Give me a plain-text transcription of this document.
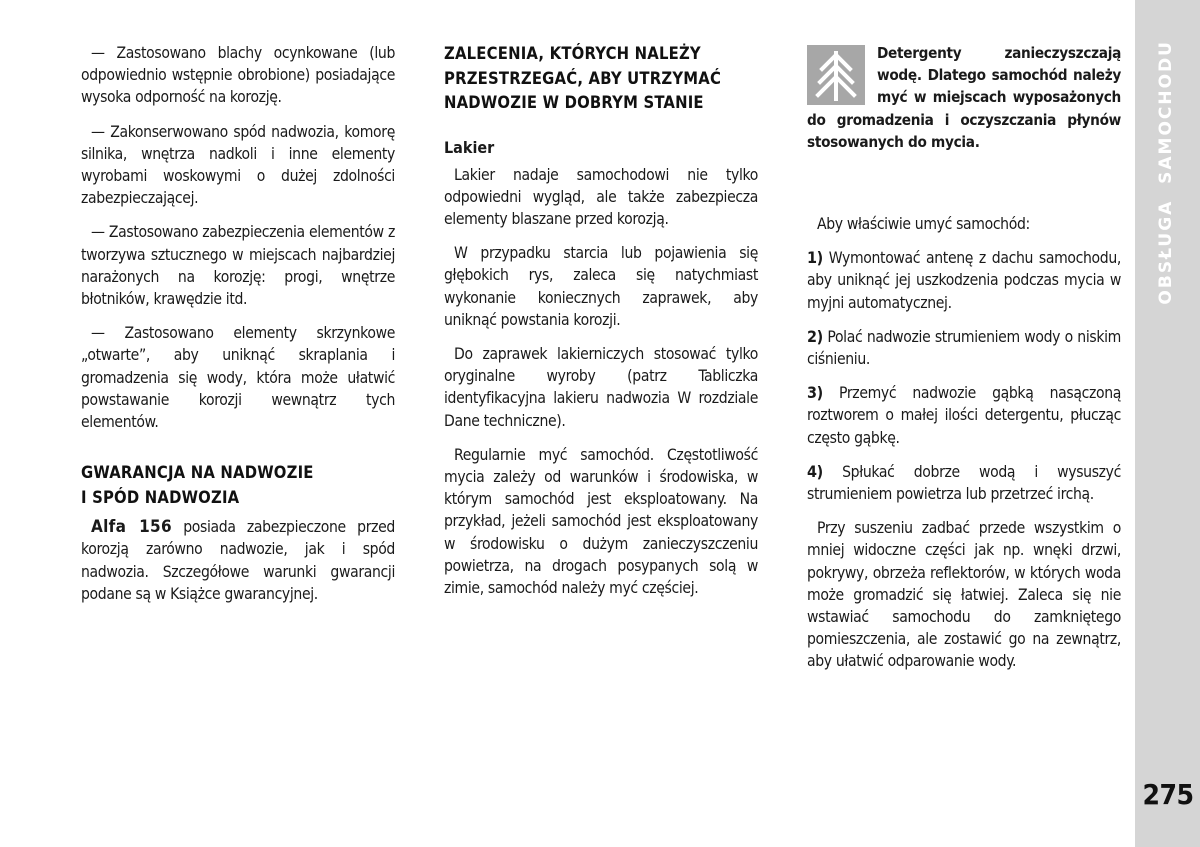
— Zastosowano blachy ocynkowane (lub odpowiednio wstępnie obrobione) posiadające wysoka odporność na korozję.

— Zakonserwowano spód nadwozia, komorę silnika, wnętrza nadkoli i inne elementy wyrobami woskowymi o dużej zdolności zabezpieczającej.

— Zastosowano zabezpieczenia elementów z tworzywa sztucznego w miejscach najbardziej narażonych na korozję: progi, wnętrze błotników, krawędzie itd.

— Zastosowano elementy skrzynkowe „otwarte”, aby uniknąć skraplania i gromadzenia się wody, która może ułatwić powstawanie korozji wewnątrz tych elementów.

GWARANCJA NA NADWOZIE
I SPÓD NADWOZIA

Alfa 156 posiada zabezpieczone przed korozją zarówno nadwozie, jak i spód nadwozia. Szczegółowe warunki gwarancji podane są w Książce gwarancyjnej.

ZALECENIA, KTÓRYCH NALEŻY
PRZESTRZEGAĆ, ABY UTRZYMAĆ
NADWOZIE W DOBRYM STANIE
Lakier

Lakier nadaje samochodowi nie tylko odpowiedni wygląd, ale także zabezpiecza elementy blaszane przed korozją.

W przypadku starcia lub pojawienia się głębokich rys, zaleca się natychmiast wykonanie koniecznych zaprawek, aby uniknąć powstania korozji.

Do zaprawek lakierniczych stosować tylko oryginalne wyroby (patrz Tabliczka identyfikacyjna lakieru nadwozia W rozdziale Dane techniczne).

Regularnie myć samochód. Częstotliwość mycia zależy od warunków i środowiska, w którym samochód jest eksploatowany. Na przykład, jeżeli samochód jest eksploatowany w środowisku o dużym zanieczyszczeniu powietrza, na drogach posypanych solą w zimie, samochód należy myć częściej.

Detergenty zanieczyszczają wodę. Dlatego samochód należy myć w miejscach wyposażonych do gromadzenia i oczyszczania płynów stosowanych do mycia.

Aby właściwie umyć samochód:

1) Wymontować antenę z dachu samochodu, aby uniknąć jej uszkodzenia podczas mycia w myjni automatycznej.

2) Polać nadwozie strumieniem wody o niskim ciśnieniu.

3) Przemyć nadwozie gąbką nasączoną roztworem o małej ilości detergentu, płucząc często gąbkę.

4) Spłukać dobrze wodą i wysuszyć strumieniem powietrza lub przetrzeć irchą.

Przy suszeniu zadbać przede wszystkim o mniej widoczne części jak np. wnęki drzwi, pokrywy, obrzeża reflektorów, w których woda może gromadzić się łatwiej. Zaleca się nie wstawiać samochodu do zamkniętego pomieszczenia, ale zostawić go na zewnątrz, aby ułatwić odparowanie wody.

OBSŁUGA  SAMOCHODU
275
